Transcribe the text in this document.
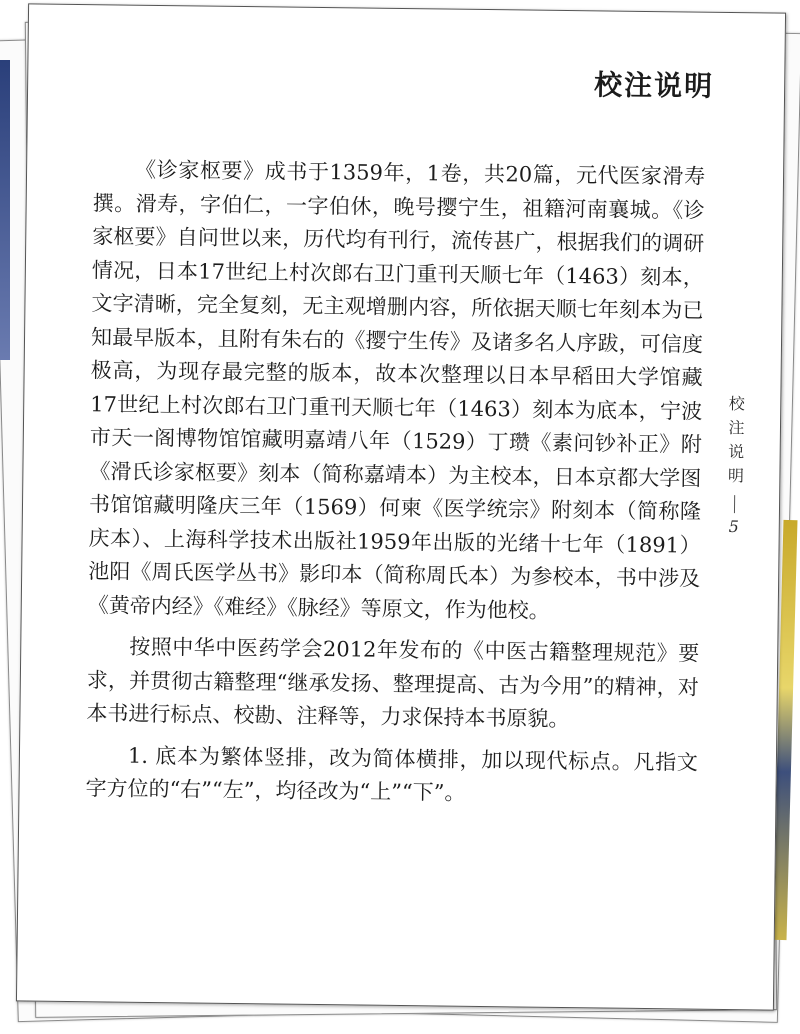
校注说明

《诊家枢要》成书于1359年，1卷，共20篇，元代医家滑寿撰。滑寿，字伯仁，一字伯休，晚号撄宁生，祖籍河南襄城。《诊家枢要》自问世以来，历代均有刊行，流传甚广，根据我们的调研情况，日本17世纪上村次郎右卫门重刊天顺七年（1463）刻本，文字清晰，完全复刻，无主观增删内容，所依据天顺七年刻本为已知最早版本，且附有朱右的《撄宁生传》及诸多名人序跋，可信度极高，为现存最完整的版本，故本次整理以日本早稻田大学馆藏17世纪上村次郎右卫门重刊天顺七年（1463）刻本为底本，宁波市天一阁博物馆馆藏明嘉靖八年（1529）丁瓒《素问钞补正》附《滑氏诊家枢要》刻本（简称嘉靖本）为主校本，日本京都大学图书馆馆藏明隆庆三年（1569）何柬《医学统宗》附刻本（简称隆庆本）、上海科学技术出版社1959年出版的光绪十七年（1891）池阳《周氏医学丛书》影印本（简称周氏本）为参校本，书中涉及《黄帝内经》《难经》《脉经》等原文，作为他校。

按照中华中医药学会2012年发布的《中医古籍整理规范》要求，并贯彻古籍整理“继承发扬、整理提高、古为今用”的精神，对本书进行标点、校勘、注释等，力求保持本书原貌。

1. 底本为繁体竖排，改为简体横排，加以现代标点。凡指文字方位的“右”“左”，均径改为“上”“下”。

校注说明
5
